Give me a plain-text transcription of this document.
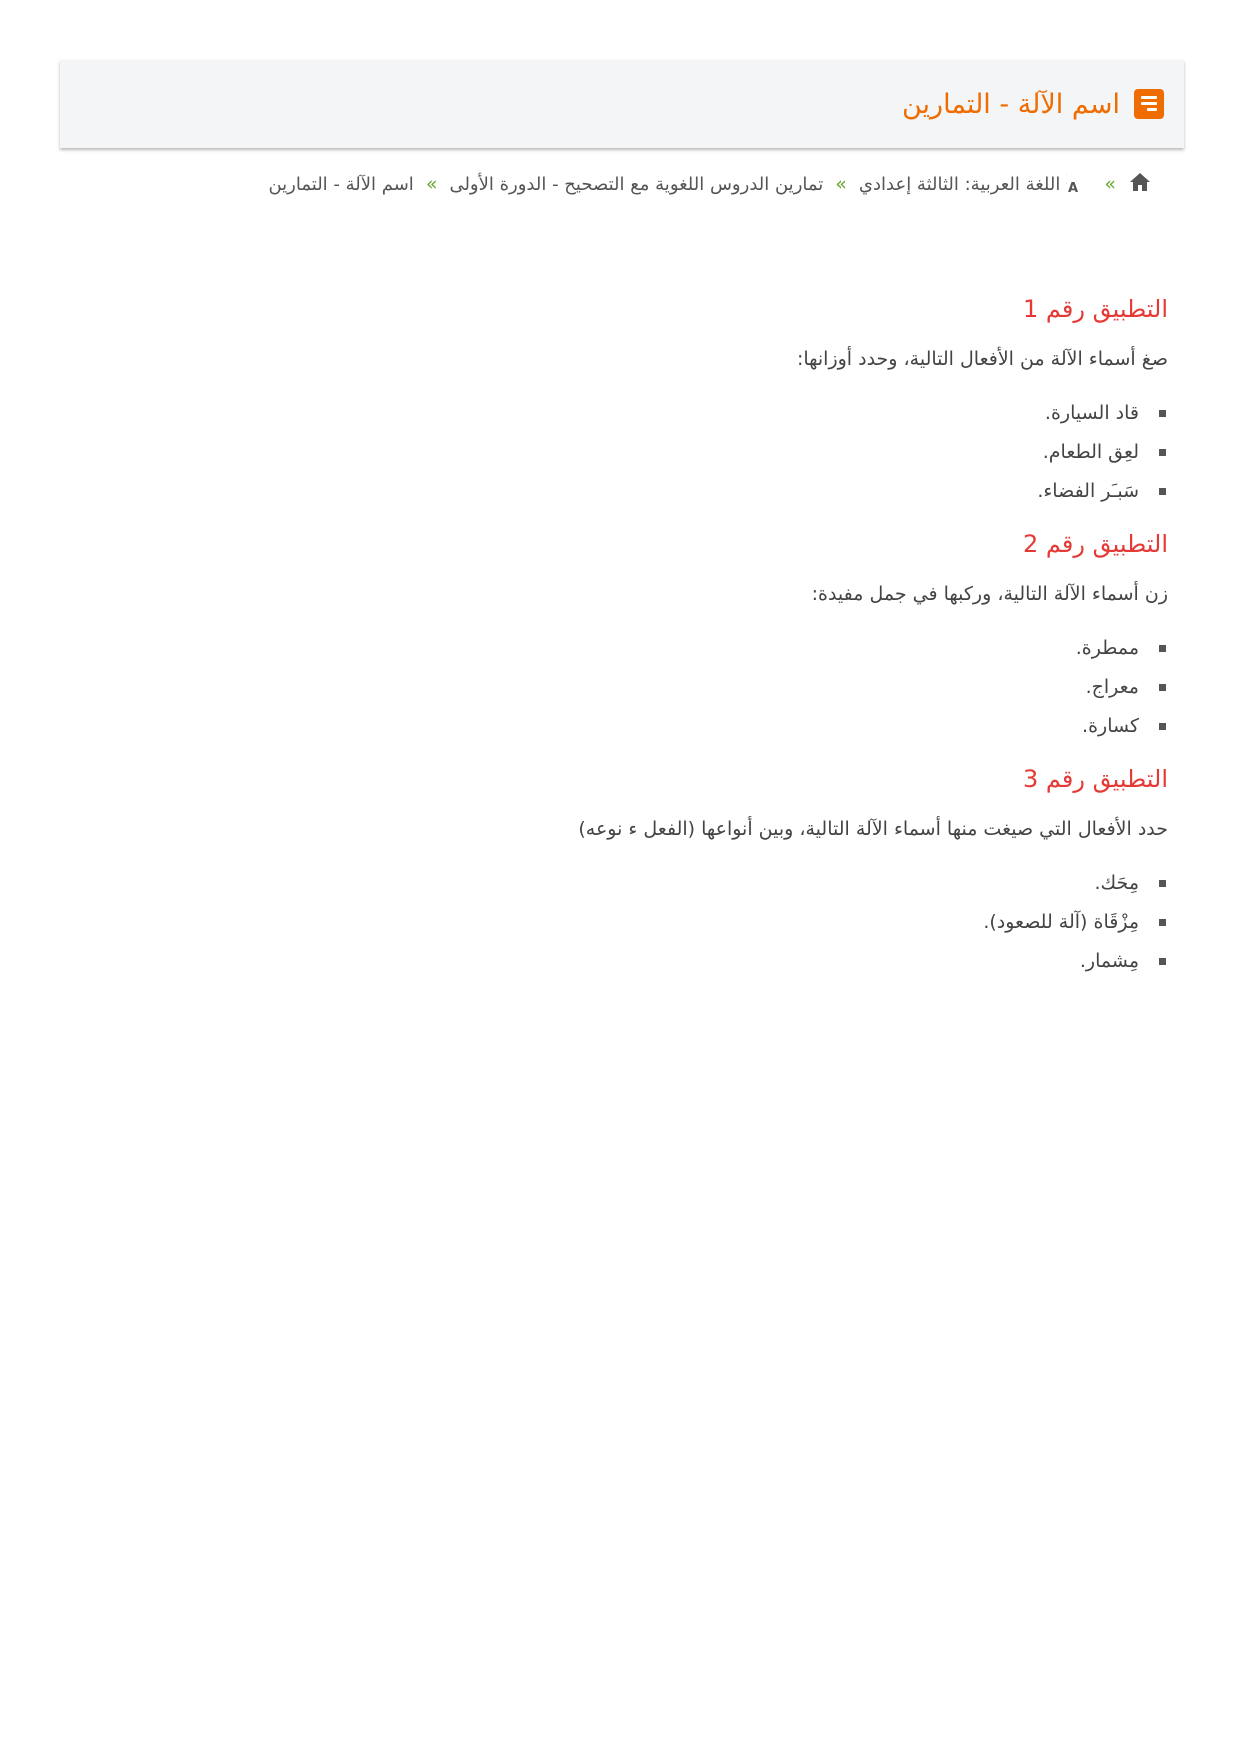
اسم الآلة - التمارين
»
A
اللغة العربية: الثالثة إعدادي
»
تمارين الدروس اللغوية مع التصحيح - الدورة الأولى
»
اسم الآلة - التمارين
التطبيق رقم 1

صغ أسماء الآلة من الأفعال التالية، وحدد أوزانها:

قاد السيارة.
لعِق الطعام.
سَبـَر الفضاء.
التطبيق رقم 2

زن أسماء الآلة التالية، وركبها في جمل مفيدة:

ممطرة.
معراج.
كسارة.
التطبيق رقم 3

حدد الأفعال التي صيغت منها أسماء الآلة التالية، وبين أنواعها (الفعل ء نوعه)

مِحَك.
مِزْقَاة (آلة للصعود).
مِشمار.
